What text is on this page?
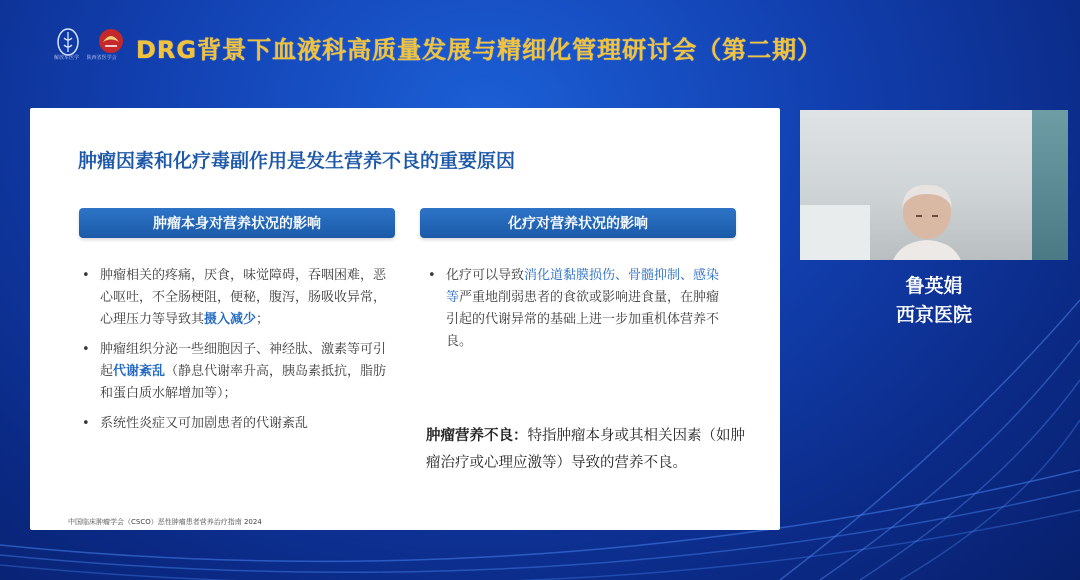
解放军医学 陕西省医学会 DRG背景下血液科高质量发展与精细化管理研讨会（第二期）
肿瘤因素和化疗毒副作用是发生营养不良的重要原因
肿瘤本身对营养状况的影响	化疗对营养状况的影响
• 肿瘤相关的疼痛，厌食，味觉障碍，吞咽困难，恶心呕吐，不全肠梗阻，便秘，腹泻，肠吸收异常，心理压力等导致其摄入减少；
• 肿瘤组织分泌一些细胞因子、神经肽、激素等可引起代谢紊乱（静息代谢率升高，胰岛素抵抗，脂肪和蛋白质水解增加等）；
• 系统性炎症又可加剧患者的代谢紊乱
• 化疗可以导致消化道黏膜损伤、骨髓抑制、感染等严重地削弱患者的食欲或影响进食量，在肿瘤引起的代谢异常的基础上进一步加重机体营养不良。
肿瘤营养不良：特指肿瘤本身或其相关因素（如肿瘤治疗或心理应激等）导致的营养不良。
中国临床肿瘤学会（CSCO）恶性肿瘤患者营养治疗指南 2024
鲁英娟
西京医院
